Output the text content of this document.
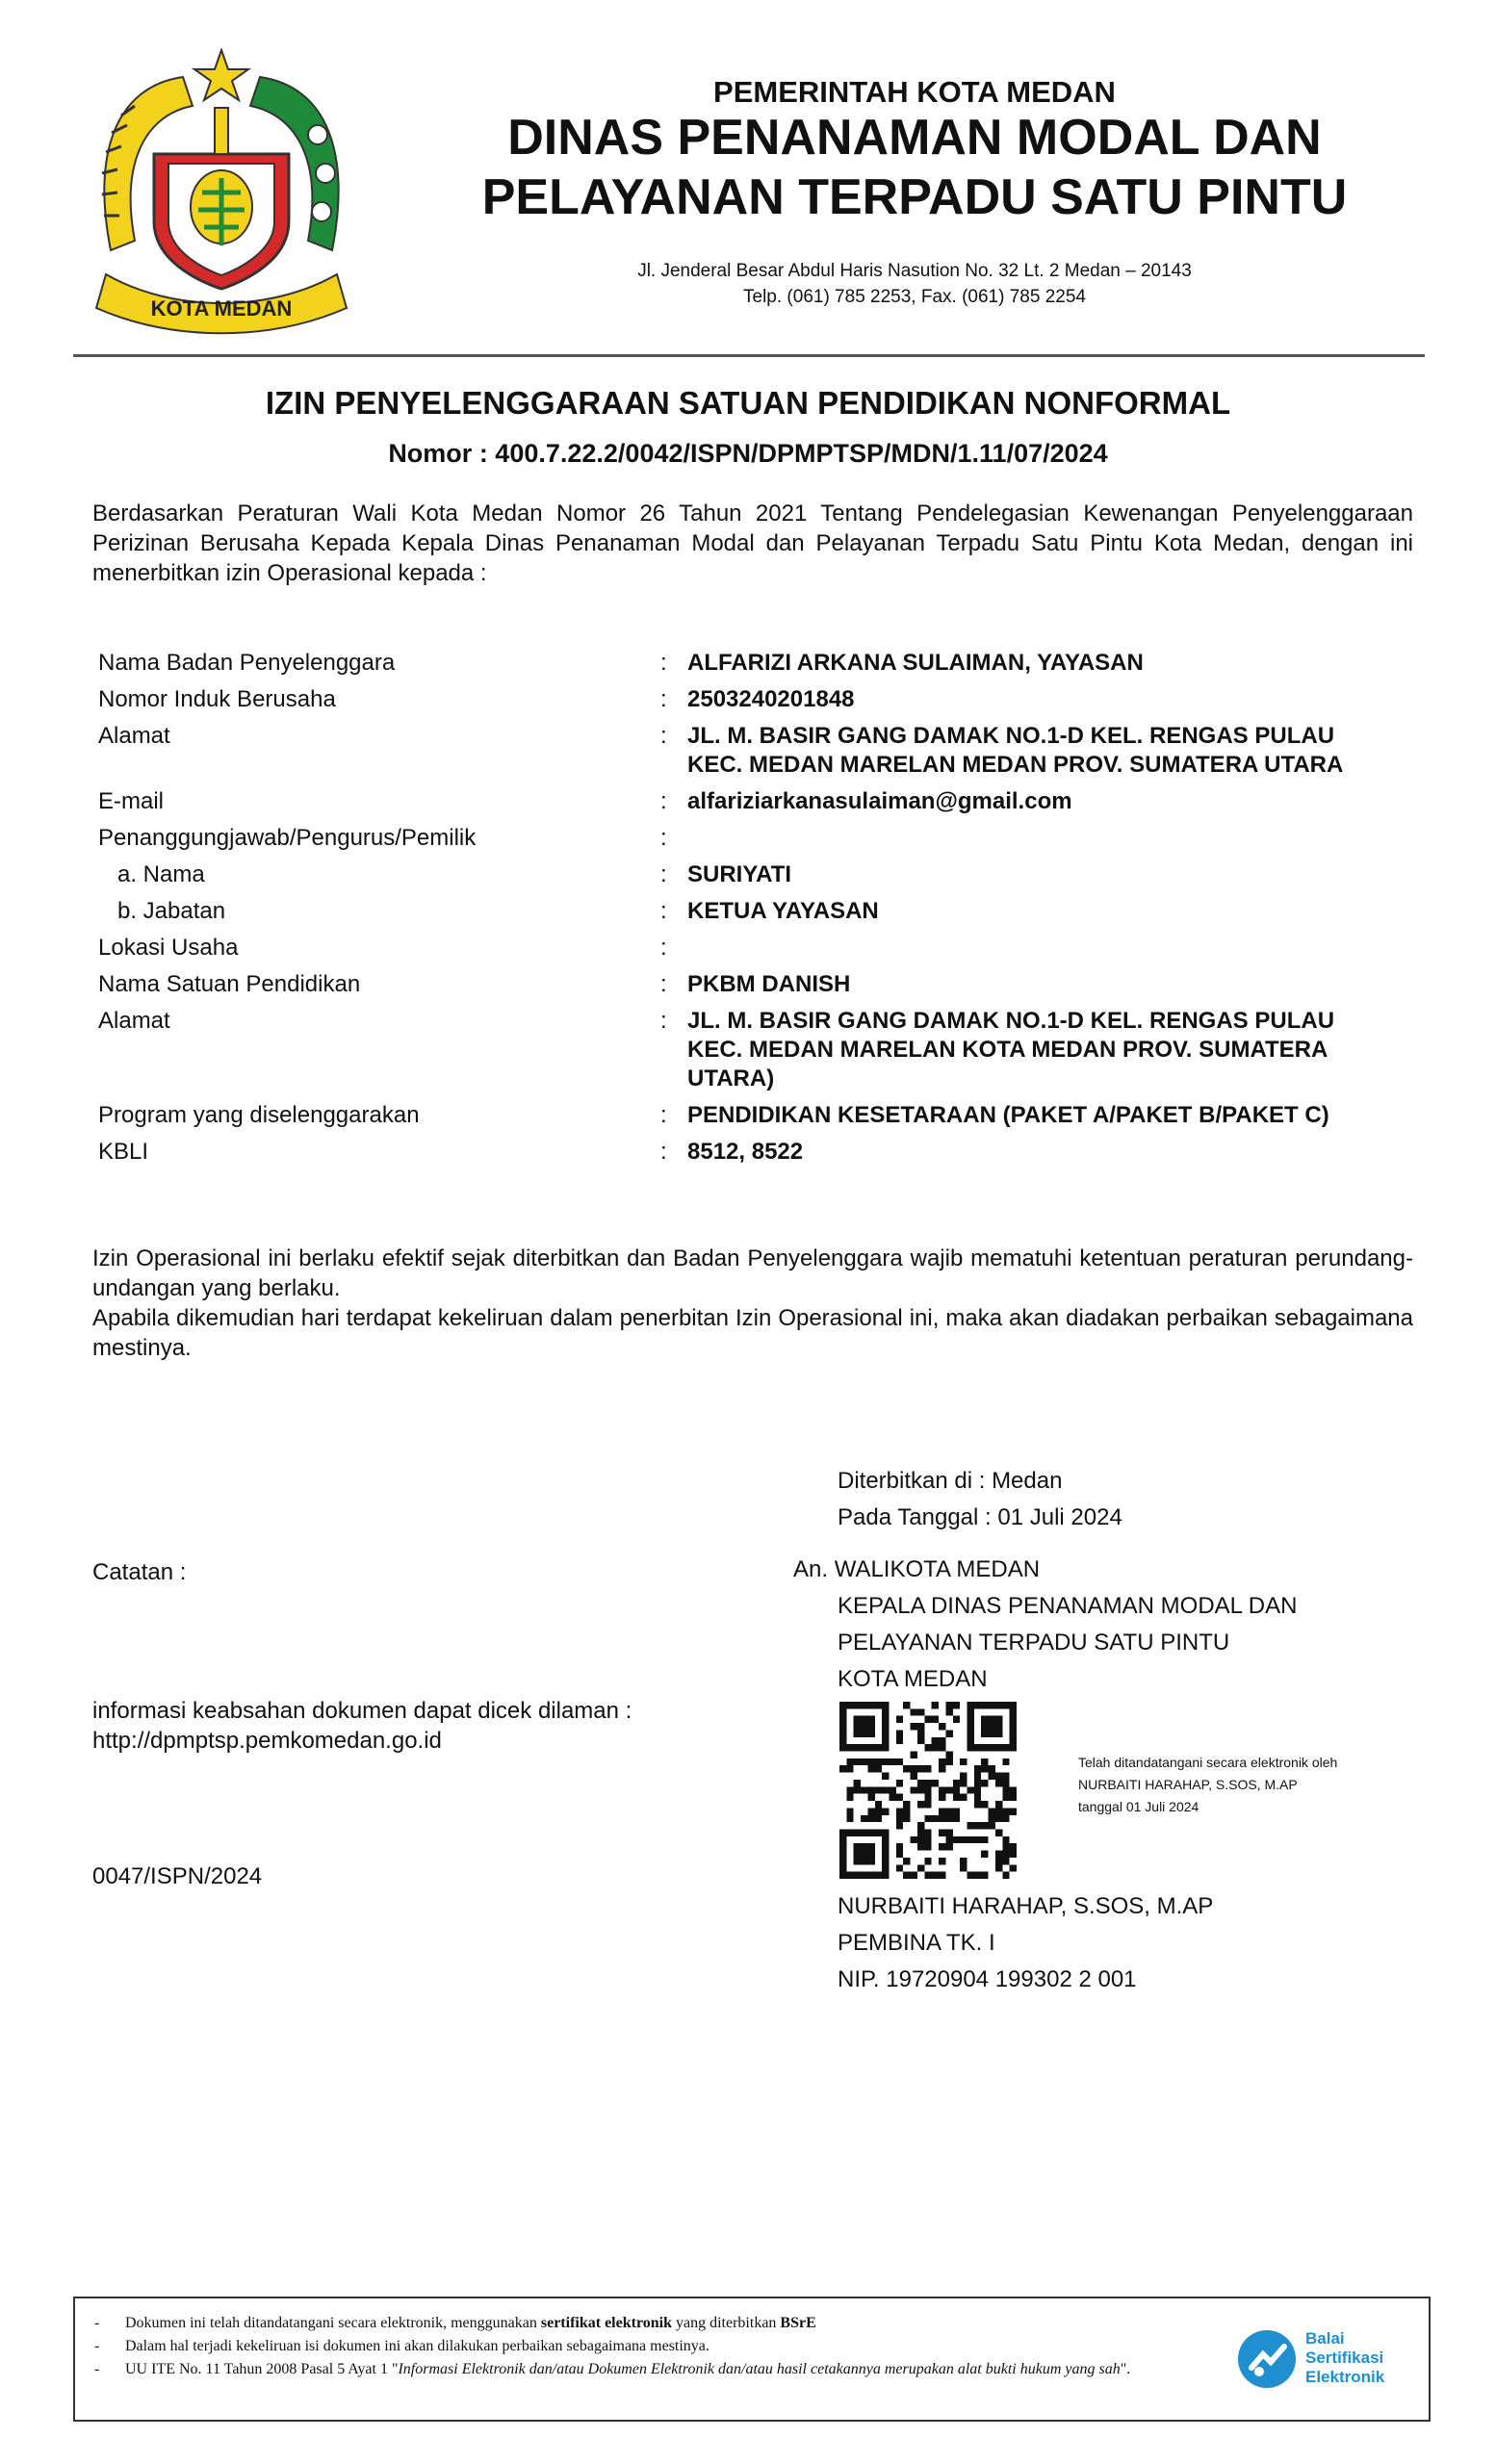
KOTA MEDAN
PEMERINTAH KOTA MEDAN
DINAS PENANAMAN MODAL DAN
PELAYANAN TERPADU SATU PINTU
Jl. Jenderal Besar Abdul Haris Nasution No. 32 Lt. 2 Medan – 20143
Telp. (061) 785 2253, Fax. (061) 785 2254
IZIN PENYELENGGARAAN SATUAN PENDIDIKAN NONFORMAL
Nomor : 400.7.22.2/0042/ISPN/DPMPTSP/MDN/1.11/07/2024
Berdasarkan Peraturan Wali Kota Medan Nomor 26 Tahun 2021 Tentang Pendelegasian Kewenangan Penyelenggaraan Perizinan Berusaha Kepada Kepala Dinas Penanaman Modal dan Pelayanan Terpadu Satu Pintu Kota Medan, dengan ini menerbitkan izin Operasional kepada :
Nama Badan Penyelenggara	: ALFARIZI ARKANA SULAIMAN, YAYASAN
Nomor Induk Berusaha	: 2503240201848
Alamat	: JL. M. BASIR GANG DAMAK NO.1-D KEL. RENGAS PULAU KEC. MEDAN MARELAN MEDAN PROV. SUMATERA UTARA
E-mail	: alfariziarkanasulaiman@gmail.com
Penanggungjawab/Pengurus/Pemilik	:
a. Nama	: SURIYATI
b. Jabatan	: KETUA YAYASAN
Lokasi Usaha	:
Nama Satuan Pendidikan	: PKBM DANISH
Alamat	: JL. M. BASIR GANG DAMAK NO.1-D KEL. RENGAS PULAU KEC. MEDAN MARELAN KOTA MEDAN PROV. SUMATERA UTARA)
Program yang diselenggarakan	: PENDIDIKAN KESETARAAN (PAKET A/PAKET B/PAKET C)
KBLI	: 8512, 8522

Izin Operasional ini berlaku efektif sejak diterbitkan dan Badan Penyelenggara wajib mematuhi ketentuan peraturan perundang-undangan yang berlaku.

Apabila dikemudian hari terdapat kekeliruan dalam penerbitan Izin Operasional ini, maka akan diadakan perbaikan sebagaimana mestinya.

Diterbitkan di : Medan
Pada Tanggal : 01 Juli 2024
An. WALIKOTA MEDAN
KEPALA DINAS PENANAMAN MODAL DAN
PELAYANAN TERPADU SATU PINTU
KOTA MEDAN
Catatan :
informasi keabsahan dokumen dapat dicek dilaman :
http://dpmptsp.pemkomedan.go.id
0047/ISPN/2024
Telah ditandatangani secara elektronik oleh
NURBAITI HARAHAP, S.SOS, M.AP
tanggal 01 Juli 2024
NURBAITI HARAHAP, S.SOS, M.AP
PEMBINA TK. I
NIP. 19720904 199302 2 001
-	Dokumen ini telah ditandatangani secara elektronik, menggunakan sertifikat elektronik yang diterbitkan BSrE
-	Dalam hal terjadi kekeliruan isi dokumen ini akan dilakukan perbaikan sebagaimana mestinya.
-	UU ITE No. 11 Tahun 2008 Pasal 5 Ayat 1 "Informasi Elektronik dan/atau Dokumen Elektronik dan/atau hasil cetakannya merupakan alat bukti hukum yang sah".
Balai
Sertifikasi
Elektronik
